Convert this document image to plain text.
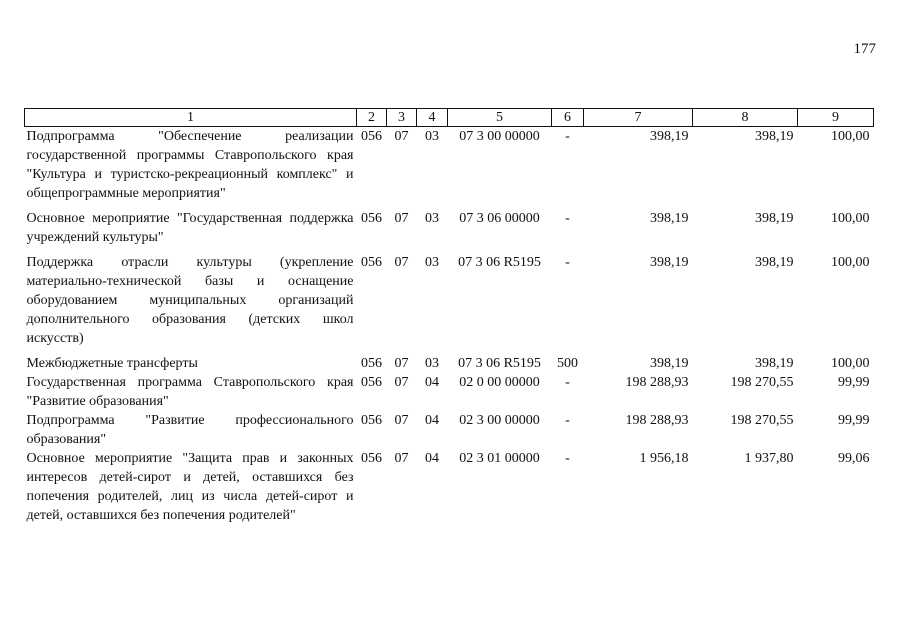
177
1	2	3	4	5	6	7	8	9
Подпрограмма "Обеспечение реализации государственной программы Ставропольского края "Культура и туристско-рекреационный комплекс" и общепрограммные мероприятия"	056	07	03	07 3 00 00000	-	398,19	398,19	100,00
Основное мероприятие "Государственная поддержка учреждений культуры"	056	07	03	07 3 06 00000	-	398,19	398,19	100,00
Поддержка отрасли культуры (укрепление материально-технической базы и оснащение оборудованием муниципальных организаций дополнительного образования (детских школ искусств)	056	07	03	07 3 06 R5195	-	398,19	398,19	100,00
Межбюджетные трансферты	056	07	03	07 3 06 R5195	500	398,19	398,19	100,00
Государственная программа Ставропольского края "Развитие образования"	056	07	04	02 0 00 00000	-	198 288,93	198 270,55	99,99
Подпрограмма "Развитие профессионального образования"	056	07	04	02 3 00 00000	-	198 288,93	198 270,55	99,99
Основное мероприятие "Защита прав и законных интересов детей-сирот и детей, оставшихся без попечения родителей, лиц из числа детей-сирот и детей, оставшихся без попечения родителей"	056	07	04	02 3 01 00000	-	1 956,18	1 937,80	99,06
